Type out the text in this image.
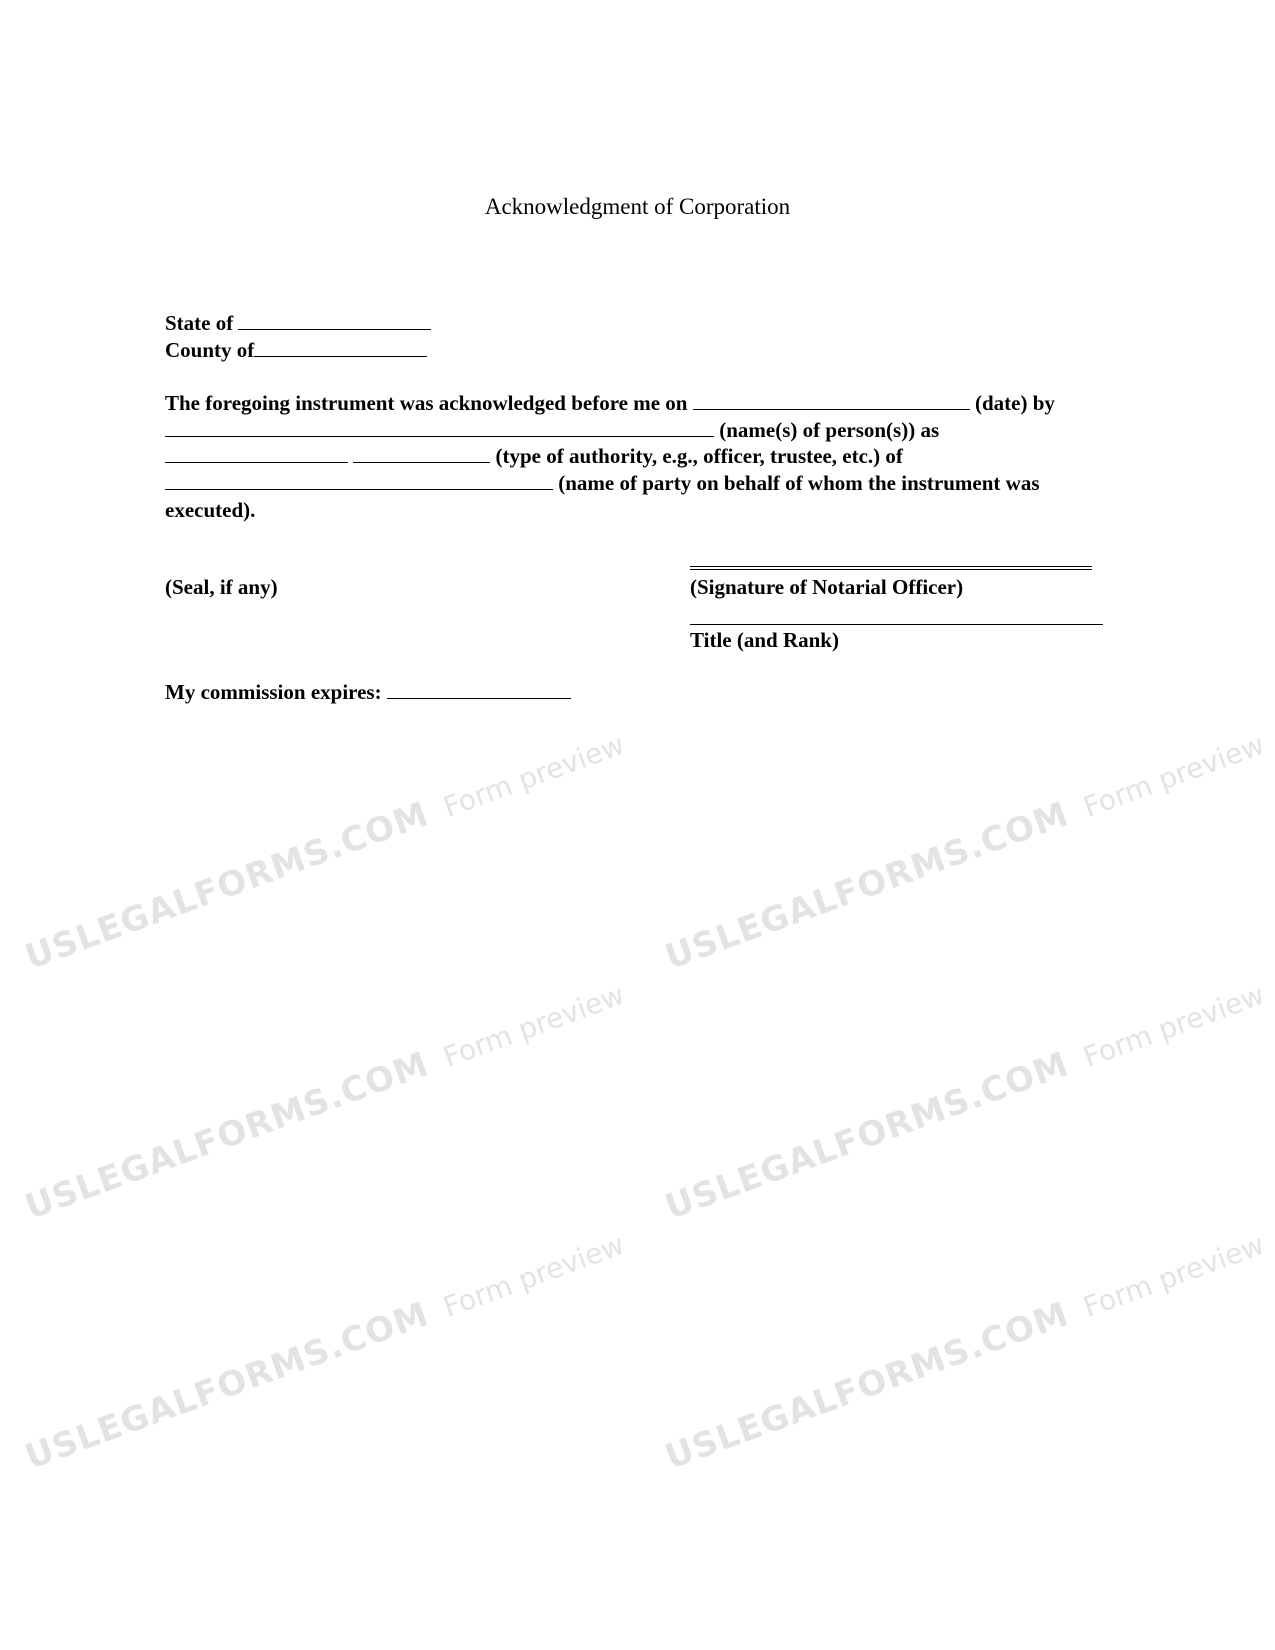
USLEGALFORMS.COMForm preview
USLEGALFORMS.COMForm preview
USLEGALFORMS.COMForm preview
USLEGALFORMS.COMForm preview
USLEGALFORMS.COMForm preview
USLEGALFORMS.COMForm preview
Acknowledgment of Corporation
State of
County of
The foregoing instrument was acknowledged before me on	(date) by
(name(s) of person(s)) as
(type of authority, e.g., officer, trustee, etc.) of
(name of party on behalf of whom the instrument was
executed).
(Seal, if any)	(Signature of Notarial Officer)
Title (and Rank)
My commission expires:
